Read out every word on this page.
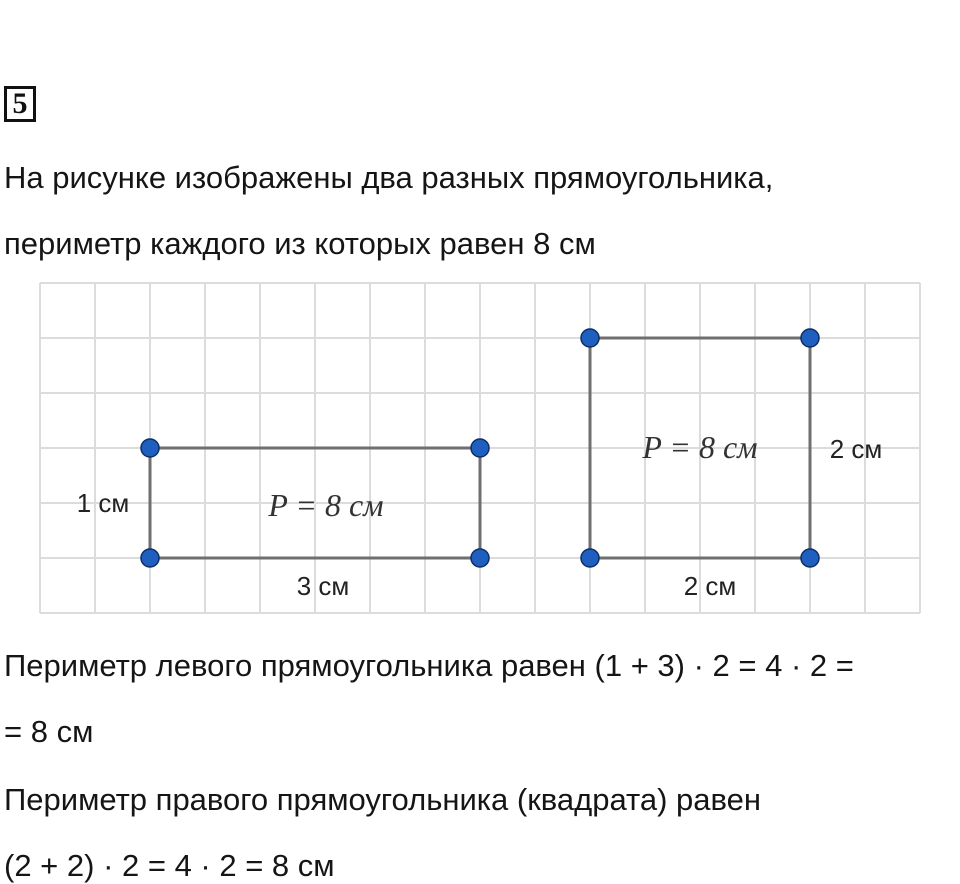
5
На рисунке изображены два разных прямоугольника,
периметр каждого из которых равен 8 см
P = 8 см
1 см
3 см
P = 8 см	2 см
2 см
Периметр левого прямоугольника равен (1 + 3) · 2 = 4 · 2 =
= 8 см
Периметр правого прямоугольника (квадрата) равен
(2 + 2) · 2 = 4 · 2 = 8 см
